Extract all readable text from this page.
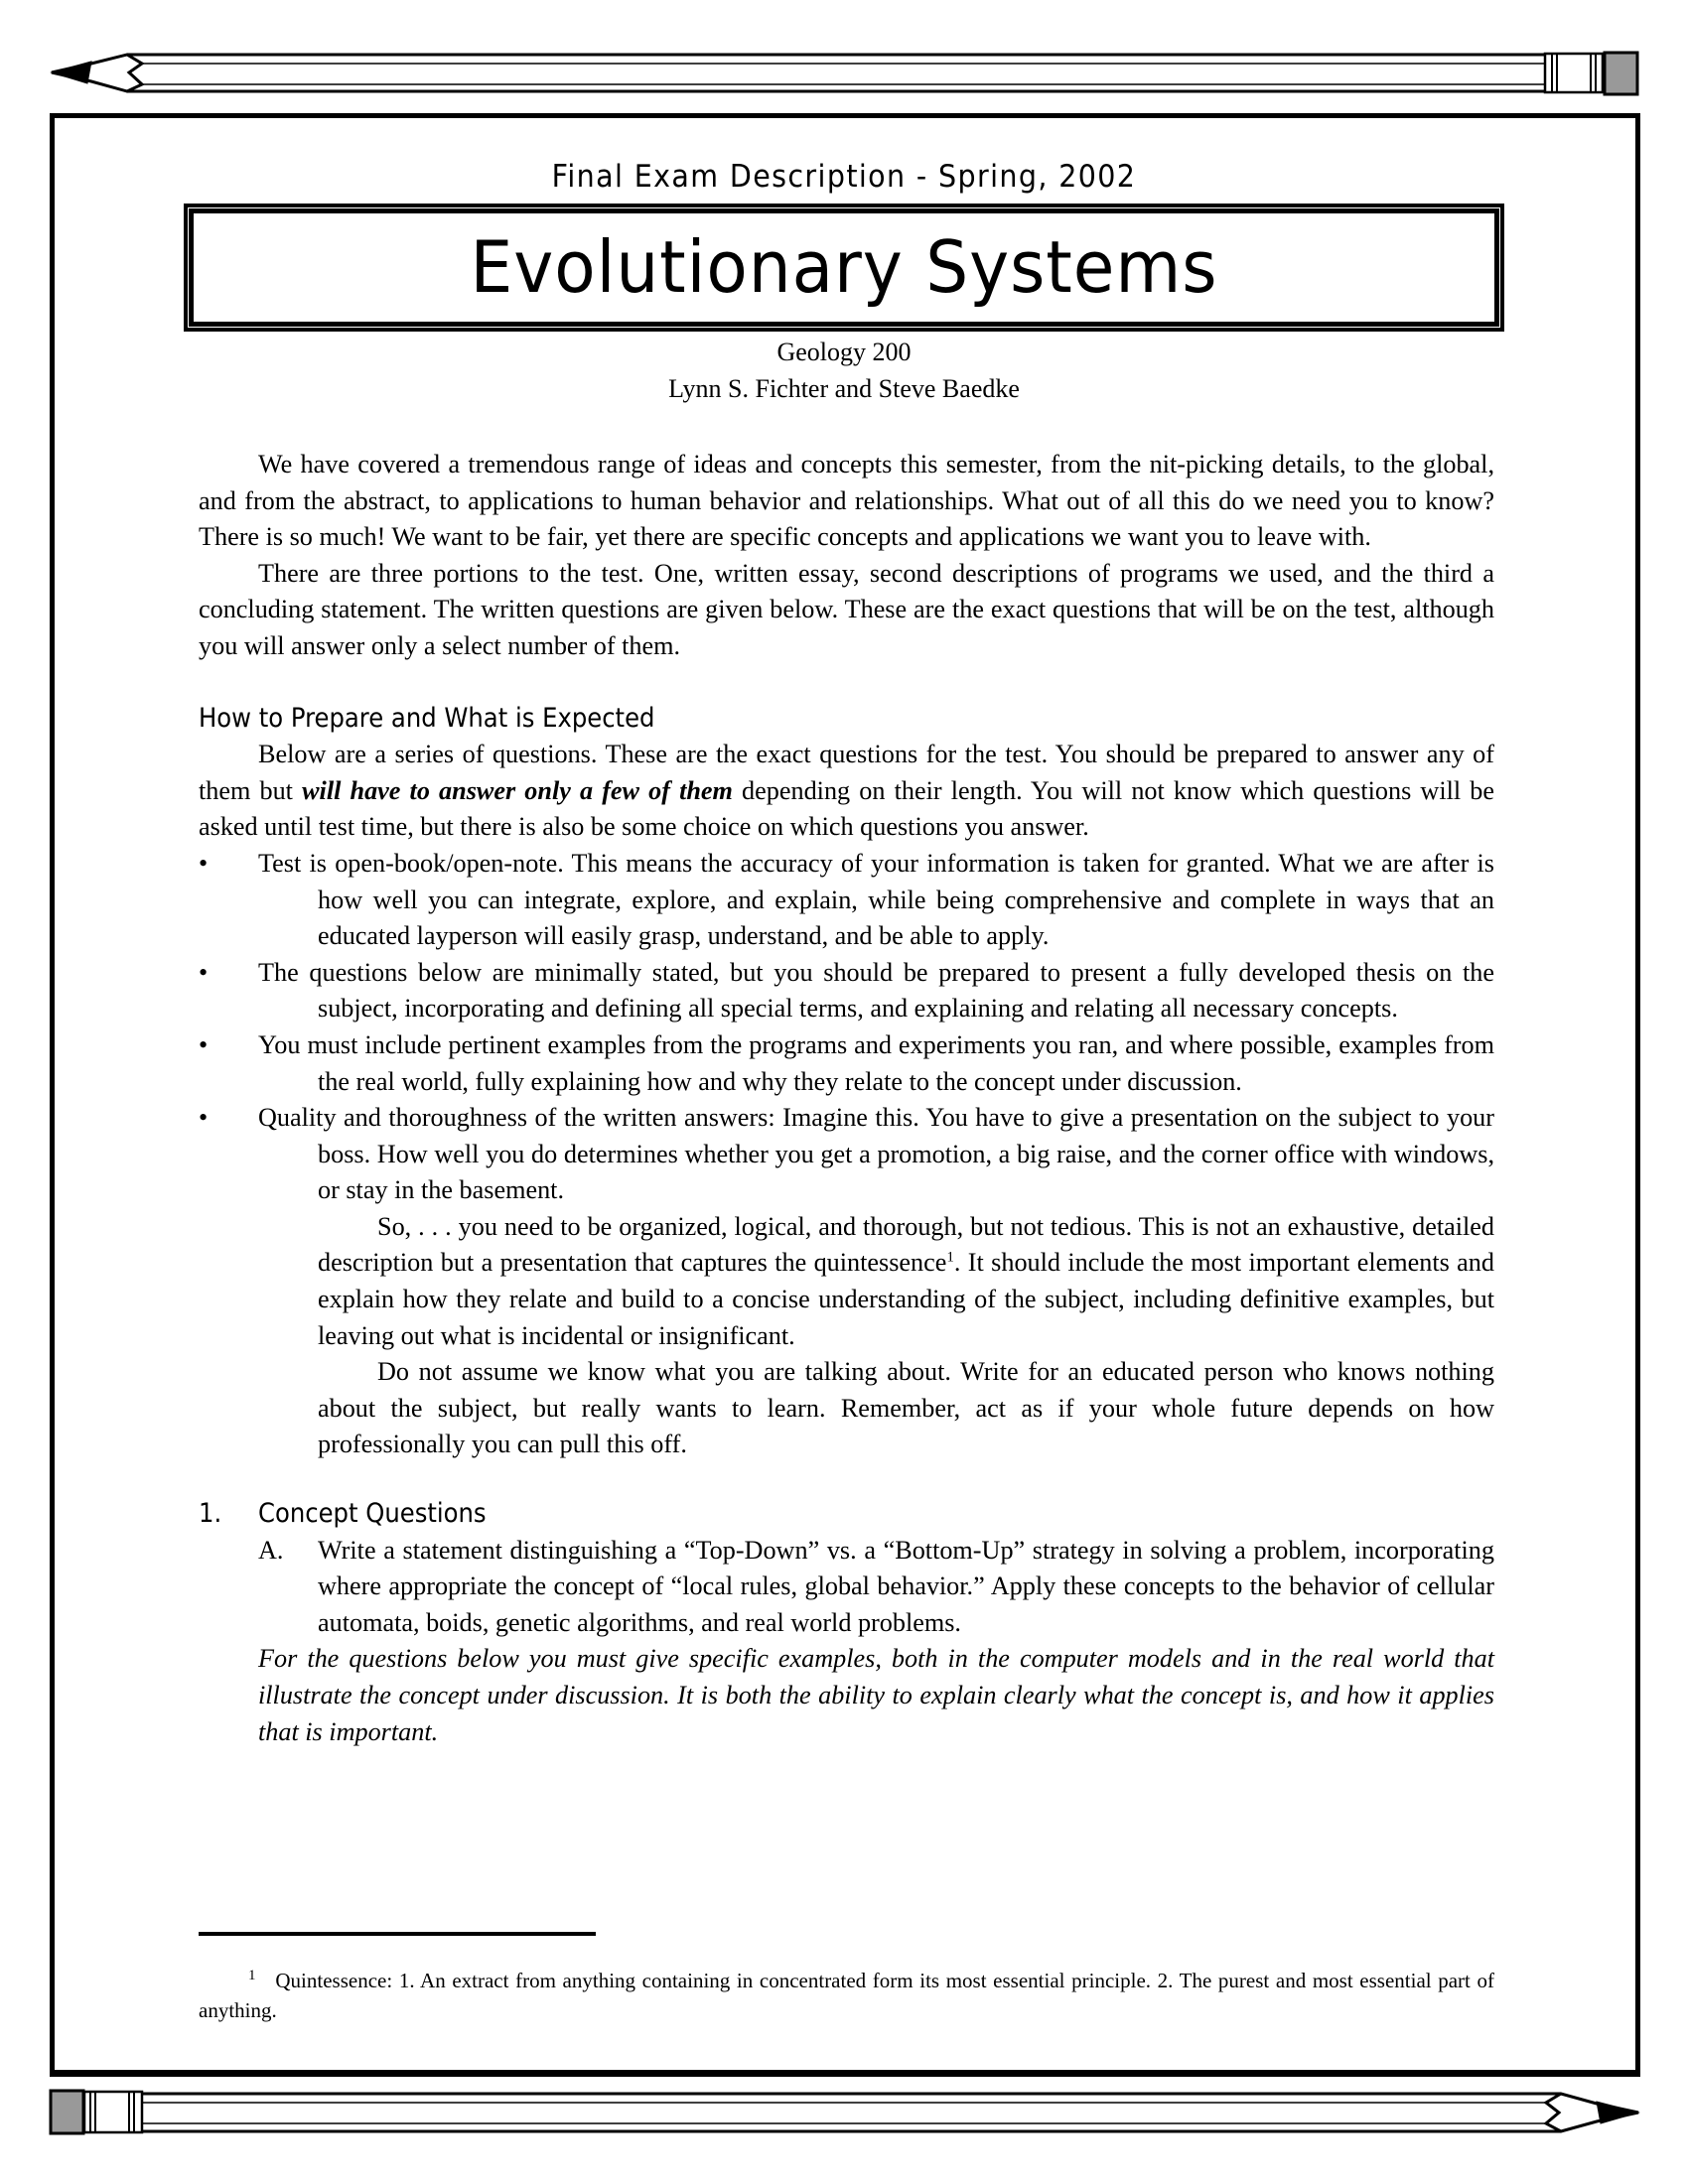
Final Exam Description - Spring, 2002
Evolutionary Systems
Geology 200
Lynn S. Fichter and Steve Baedke

We have covered a tremendous range of ideas and concepts this semester, from the nit-picking details, to the global, and from the abstract, to applications to human behavior and relationships. What out of all this do we need you to know? There is so much! We want to be fair, yet there are specific concepts and applications we want you to leave with.

There are three portions to the test. One, written essay, second descriptions of programs we used, and the third a concluding statement. The written questions are given below. These are the exact questions that will be on the test, although you will answer only a select number of them.

How to Prepare and What is Expected

Below are a series of questions. These are the exact questions for the test. You should be prepared to answer any of them but will have to answer only a few of them depending on their length. You will not know which questions will be asked until test time, but there is also be some choice on which questions you answer.

• Test is open-book/open-note. This means the accuracy of your information is taken for granted. What we are after is how well you can integrate, explore, and explain, while being comprehensive and complete in ways that an educated layperson will easily grasp, understand, and be able to apply.

• The questions below are minimally stated, but you should be prepared to present a fully developed thesis on the subject, incorporating and defining all special terms, and explaining and relating all necessary concepts.

• You must include pertinent examples from the programs and experiments you ran, and where possible, examples from the real world, fully explaining how and why they relate to the concept under discussion.

• Quality and thoroughness of the written answers: Imagine this. You have to give a presentation on the subject to your boss. How well you do determines whether you get a promotion, a big raise, and the corner office with windows, or stay in the basement.

So, . . . you need to be organized, logical, and thorough, but not tedious. This is not an exhaustive, detailed description but a presentation that captures the quintessence$^1$. It should include the most important elements and explain how they relate and build to a concise understanding of the subject, including definitive examples, but leaving out what is incidental or insignificant.

Do not assume we know what you are talking about. Write for an educated person who knows nothing about the subject, but really wants to learn. Remember, act as if your whole future depends on how professionally you can pull this off.

1. Concept Questions

A. Write a statement distinguishing a “Top-Down” vs. a “Bottom-Up” strategy in solving a problem, incorporating where appropriate the concept of “local rules, global behavior.” Apply these concepts to the behavior of cellular automata, boids, genetic algorithms, and real world problems.

For the questions below you must give specific examples, both in the computer models and in the real world that illustrate the concept under discussion. It is both the ability to explain clearly what the concept is, and how it applies that is important.

$^1$ Quintessence: 1. An extract from anything containing in concentrated form its most essential principle. 2. The purest and most essential part of anything.
